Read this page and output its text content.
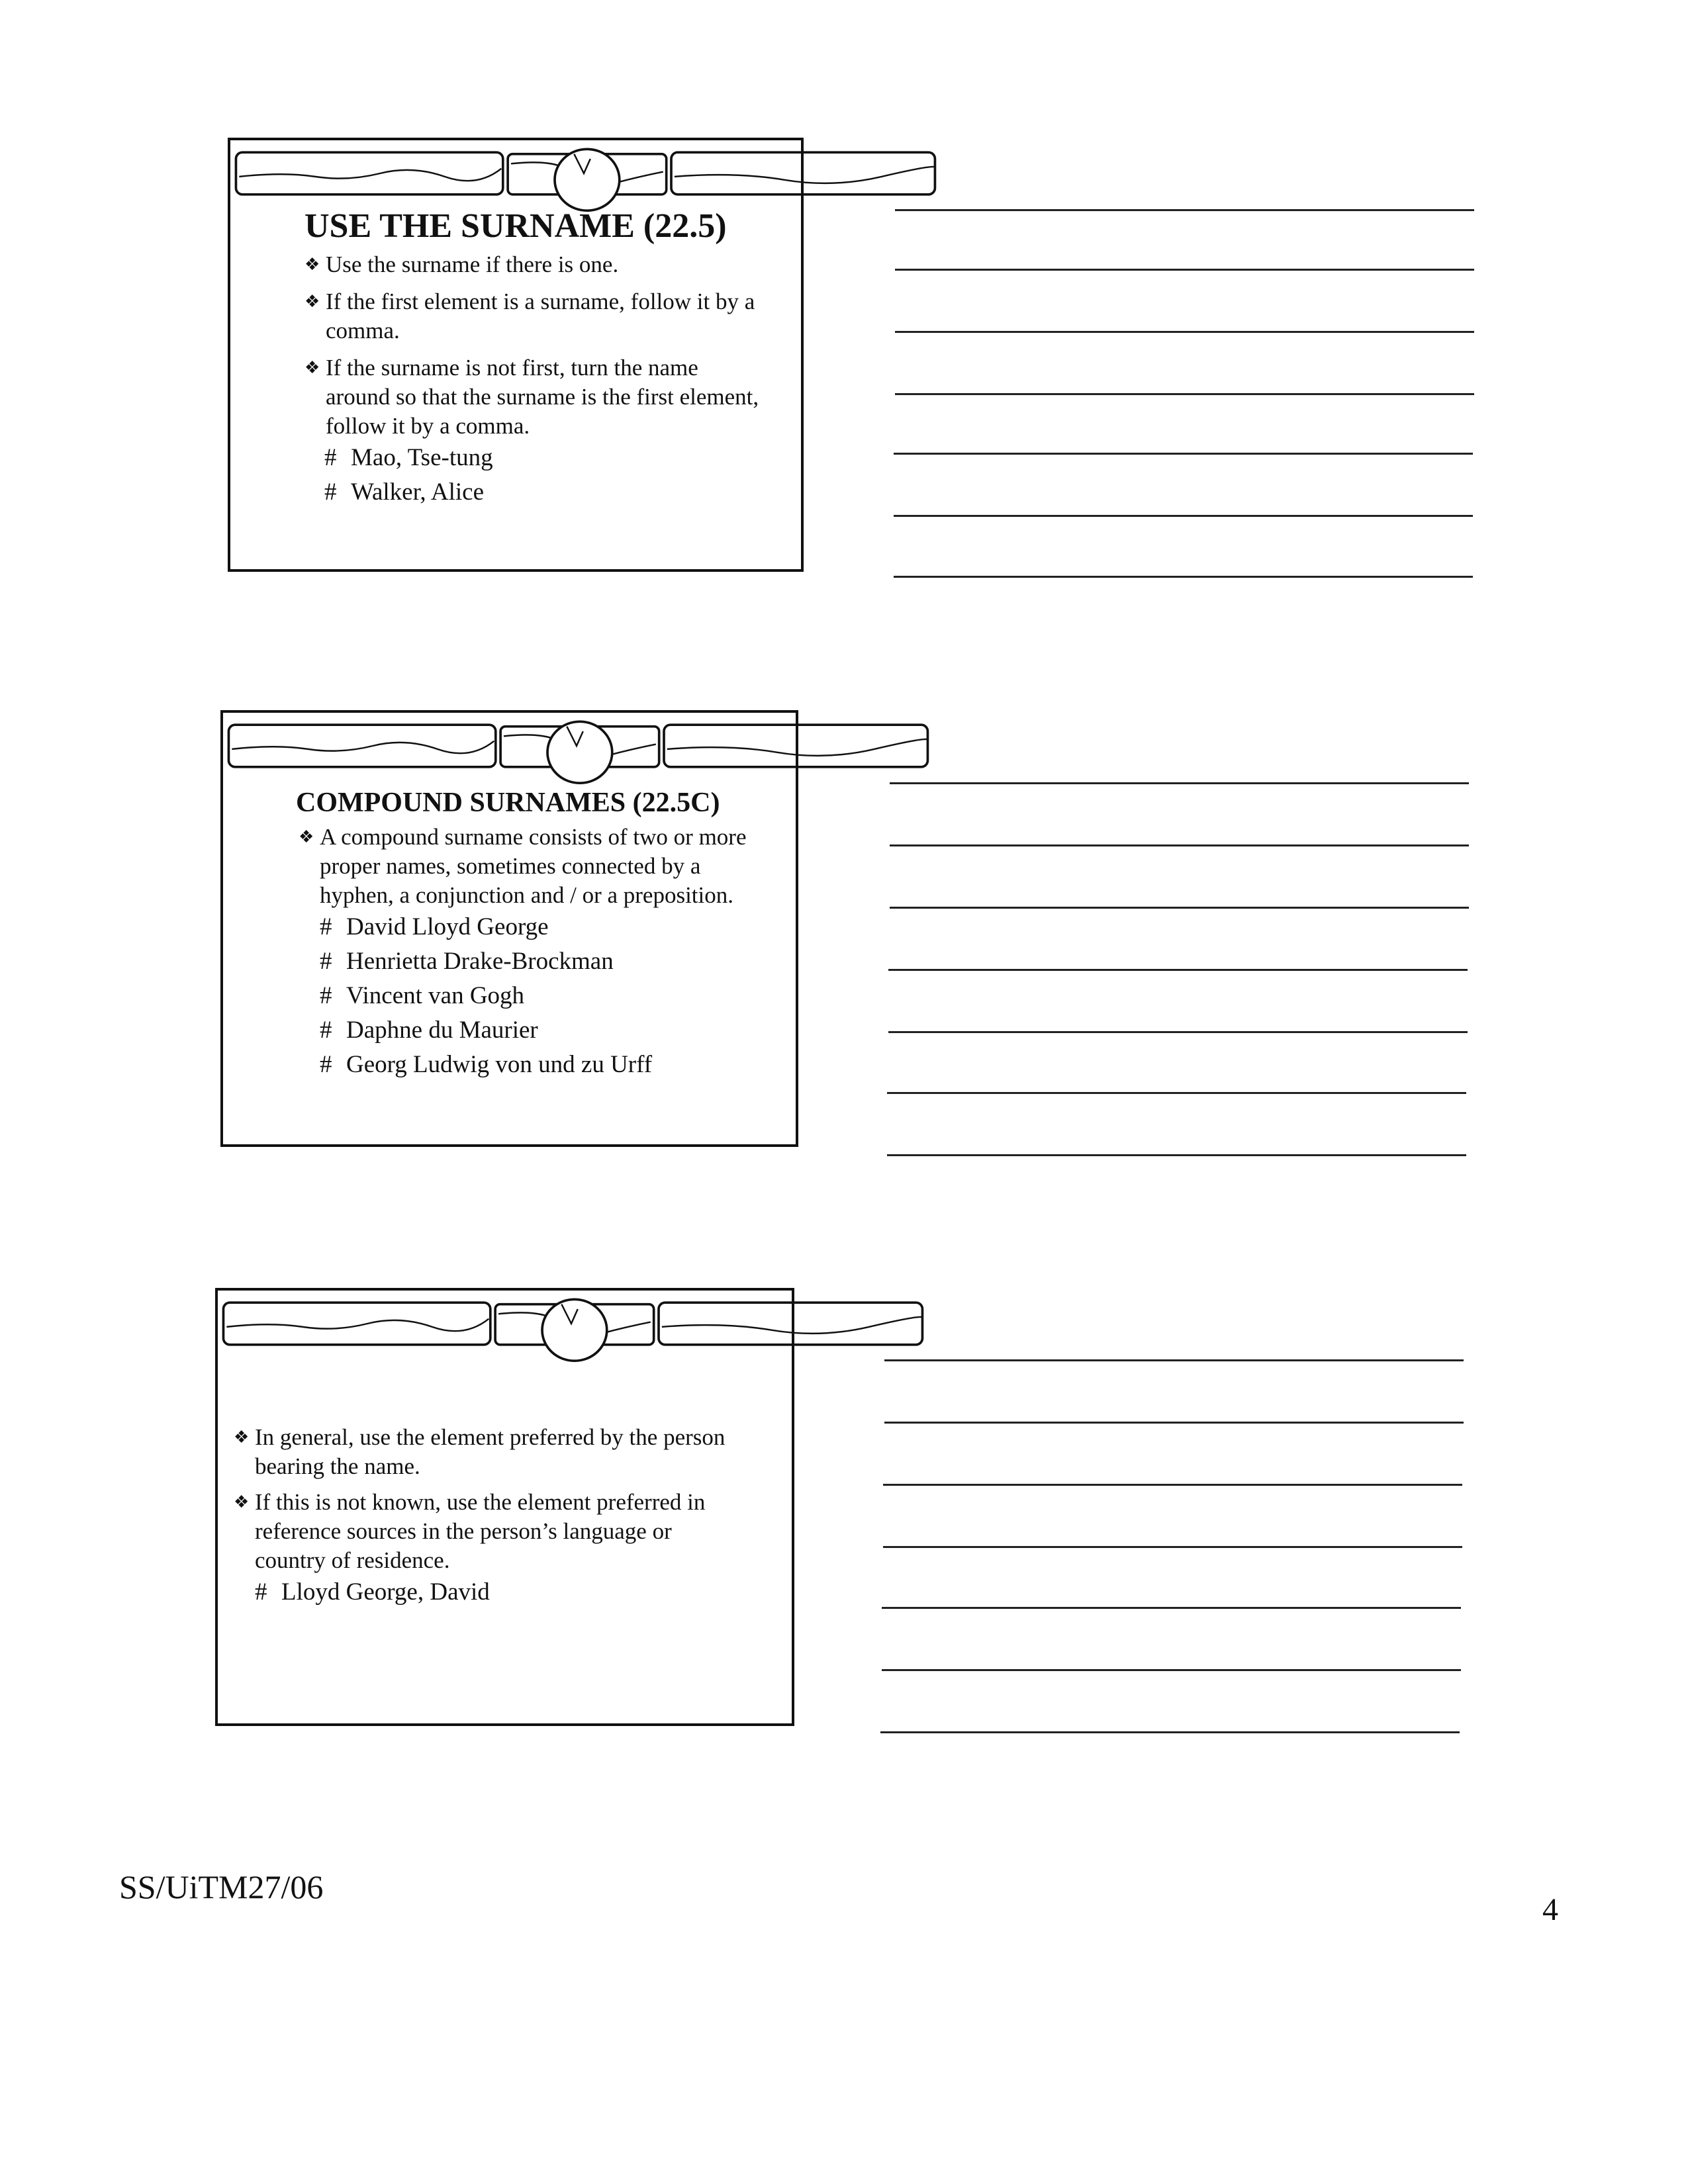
USE THE SURNAME (22.5)
❖ Use the surname if there is one.
❖ If the first element is a surname, follow it by a comma.
❖ If the surname is not first, turn the name around so that the surname is the first element, follow it by a comma.
# Mao, Tse-tung
# Walker, Alice
COMPOUND SURNAMES (22.5C)
❖ A compound surname consists of two or more proper names, sometimes connected by a hyphen, a conjunction and / or a preposition.
# David Lloyd George
# Henrietta Drake-Brockman
# Vincent van Gogh
# Daphne du Maurier
# Georg Ludwig von und zu Urff
❖ In general, use the element preferred by the person bearing the name.
❖ If this is not known, use the element preferred in reference sources in the person’s language or country of residence.
# Lloyd George, David
SS/UiTM27/06
4
